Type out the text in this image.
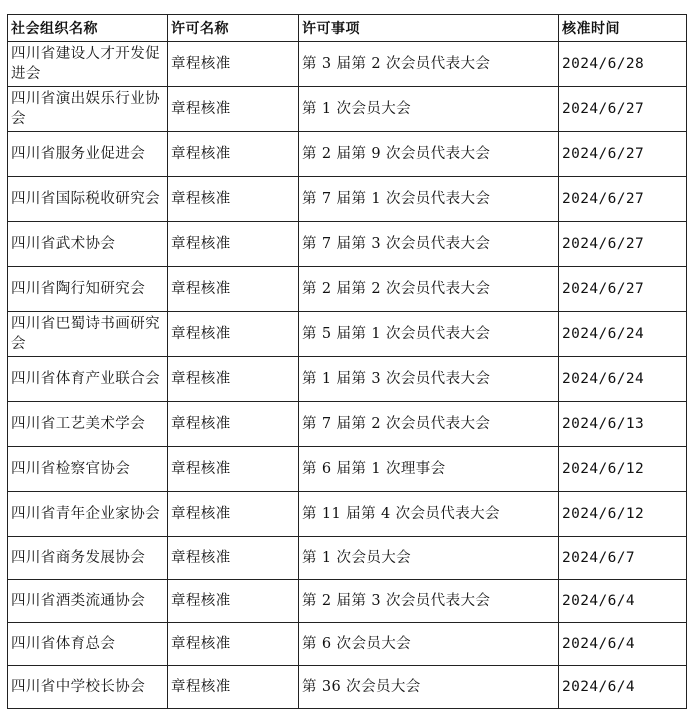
社会组织名称	许可名称	许可事项	核准时间
四川省建设人才开发促进会	章程核准	第 3 届第 2 次会员代表大会	2024/6/28
四川省演出娱乐行业协会	章程核准	第 1 次会员大会	2024/6/27
四川省服务业促进会	章程核准	第 2 届第 9 次会员代表大会	2024/6/27
四川省国际税收研究会	章程核准	第 7 届第 1 次会员代表大会	2024/6/27
四川省武术协会	章程核准	第 7 届第 3 次会员代表大会	2024/6/27
四川省陶行知研究会	章程核准	第 2 届第 2 次会员代表大会	2024/6/27
四川省巴蜀诗书画研究会	章程核准	第 5 届第 1 次会员代表大会	2024/6/24
四川省体育产业联合会	章程核准	第 1 届第 3 次会员代表大会	2024/6/24
四川省工艺美术学会	章程核准	第 7 届第 2 次会员代表大会	2024/6/13
四川省检察官协会	章程核准	第 6 届第 1 次理事会	2024/6/12
四川省青年企业家协会	章程核准	第 11 届第 4 次会员代表大会	2024/6/12
四川省商务发展协会	章程核准	第 1 次会员大会	2024/6/7
四川省酒类流通协会	章程核准	第 2 届第 3 次会员代表大会	2024/6/4
四川省体育总会	章程核准	第 6 次会员大会	2024/6/4
四川省中学校长协会	章程核准	第 36 次会员大会	2024/6/4
